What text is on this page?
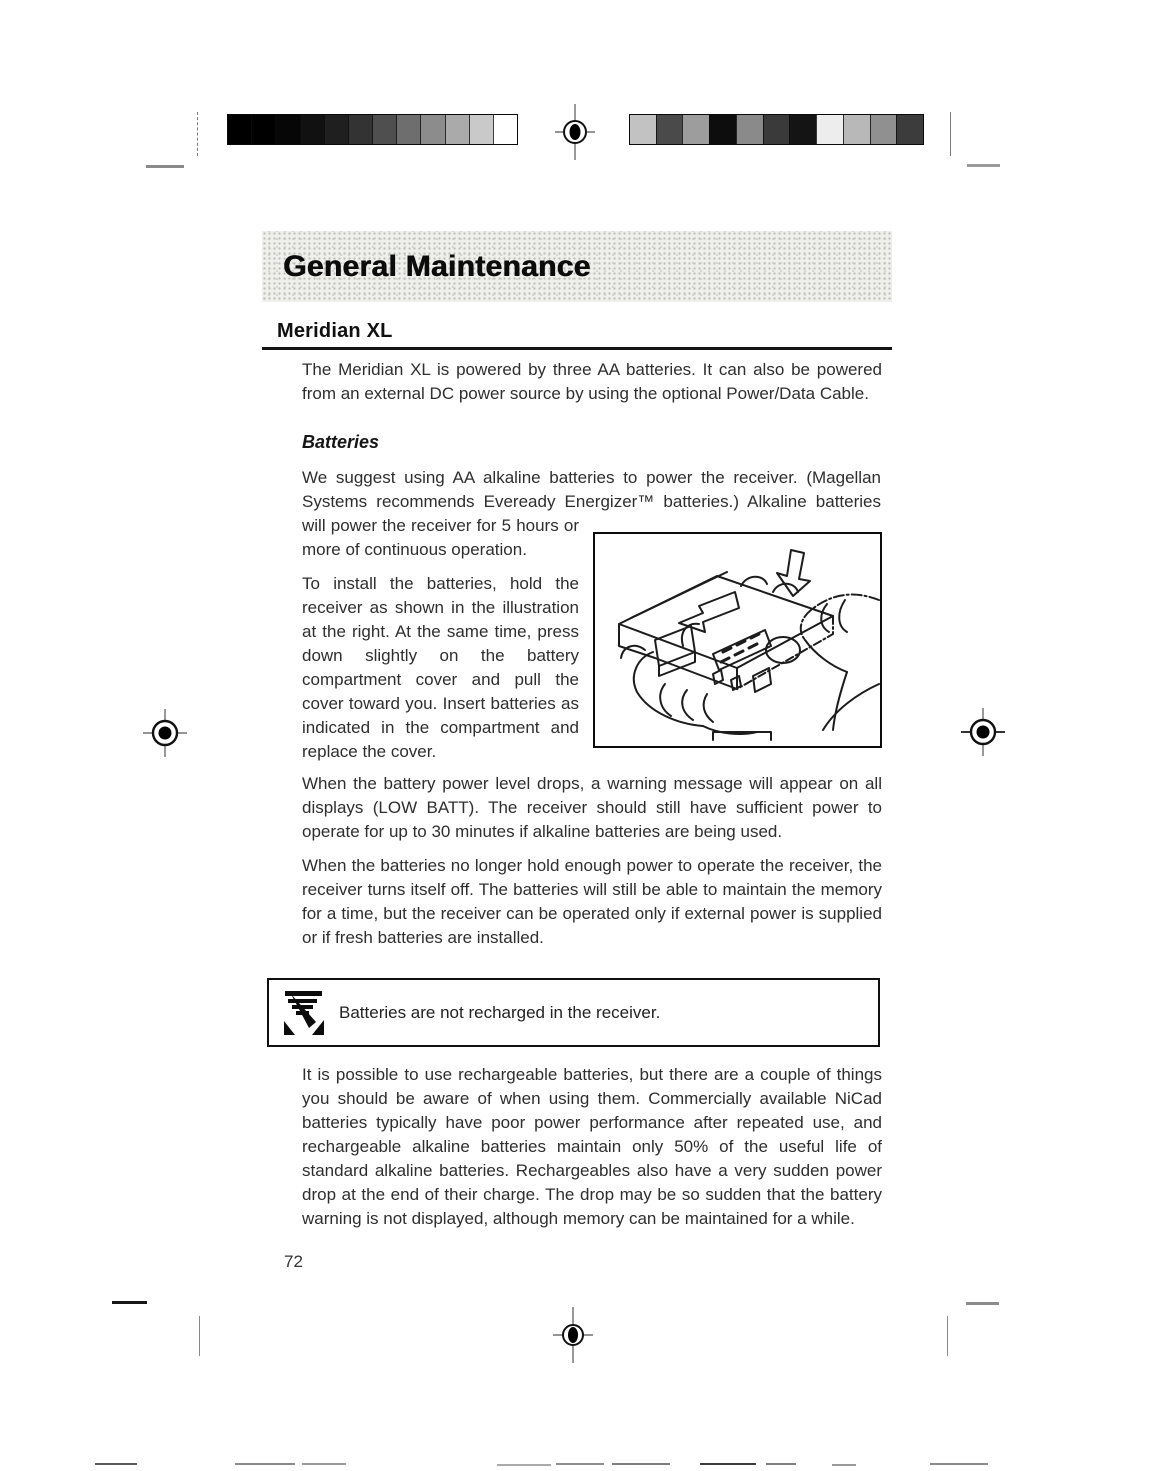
General Maintenance
Meridian XL

The Meridian XL is powered by three AA batteries. It can also be powered from an external DC power source by using the optional Power/Data Cable.

Batteries

We suggest using AA alkaline batteries to power the receiver. (Magellan Systems recommends Eveready Energizer™ batteries.) Alkaline batteries will power the receiver for 5 hours or more of continuous operation.

To install the batteries, hold the receiver as shown in the illustration at the right. At the same time, press down slightly on the battery compartment cover and pull the cover toward you. Insert batteries as indicated in the compartment and replace the cover.

When the battery power level drops, a warning message will appear on all displays (LOW BATT). The receiver should still have sufficient power to operate for up to 30 minutes if alkaline batteries are being used.

When the batteries no longer hold enough power to operate the receiver, the receiver turns itself off. The batteries will still be able to maintain the memory for a time, but the receiver can be operated only if external power is supplied or if fresh batteries are installed.

Batteries are not recharged in the receiver.

It is possible to use rechargeable batteries, but there are a couple of things you should be aware of when using them. Commercially available NiCad batteries typically have poor power performance after repeated use, and rechargeable alkaline batteries maintain only 50% of the useful life of standard alkaline batteries. Rechargeables also have a very sudden power drop at the end of their charge. The drop may be so sudden that the battery warning is not displayed, although memory can be maintained for a while.

72
